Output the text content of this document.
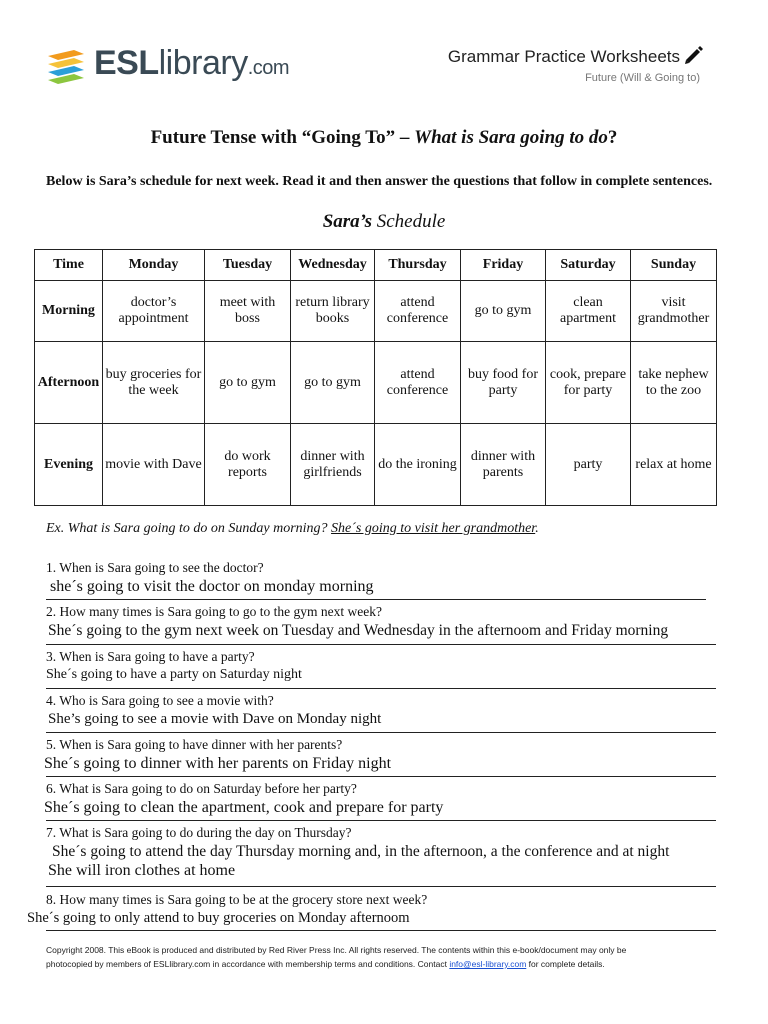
ESLlibrary.com
Grammar Practice Worksheets
Future (Will & Going to)
Future Tense with “Going To” – What is Sara going to do?
Below is Sara’s schedule for next week. Read it and then answer the questions that follow in complete sentences.
Sara’s Schedule
Time	Monday	Tuesday	Wednesday	Thursday	Friday	Saturday	Sunday
Morning	doctor’s appointment	meet with boss	return library books	attend conference	go to gym	clean apartment	visit grandmother
Afternoon	buy groceries for the week	go to gym	go to gym	attend conference	buy food for party	cook, prepare for party	take nephew to the zoo
Evening	movie with Dave	do work reports	dinner with girlfriends	do the ironing	dinner with parents	party	relax at home
Ex. What is Sara going to do on Sunday morning? She´s going to visit her grandmother.
1. When is Sara going to see the doctor?
she´s going to visit the doctor on monday morning
2. How many times is Sara going to go to the gym next week?
She´s going to the gym next week on Tuesday and Wednesday in the afternoom and Friday morning
3. When is Sara going to have a party?
She´s going to have a party on Saturday night
4. Who is Sara going to see a movie with?
She’s going to see a movie with Dave on Monday night
5. When is Sara going to have dinner with her parents?
She´s going to dinner with her parents on Friday night
6. What is Sara going to do on Saturday before her party?
She´s going to clean the apartment, cook and prepare for party
7. What is Sara going to do during the day on Thursday?
She´s going to attend the day Thursday morning and, in the afternoon, a the conference and at night
She will iron clothes at home
8. How many times is Sara going to be at the grocery store next week?
She´s going to only attend to buy groceries on Monday afternoom
Copyright 2008. This eBook is produced and distributed by Red River Press Inc. All rights reserved. The contents within this e-book/document may only be
photocopied by members of ESLlibrary.com in accordance with membership terms and conditions. Contact info@esl-library.com for complete details.
